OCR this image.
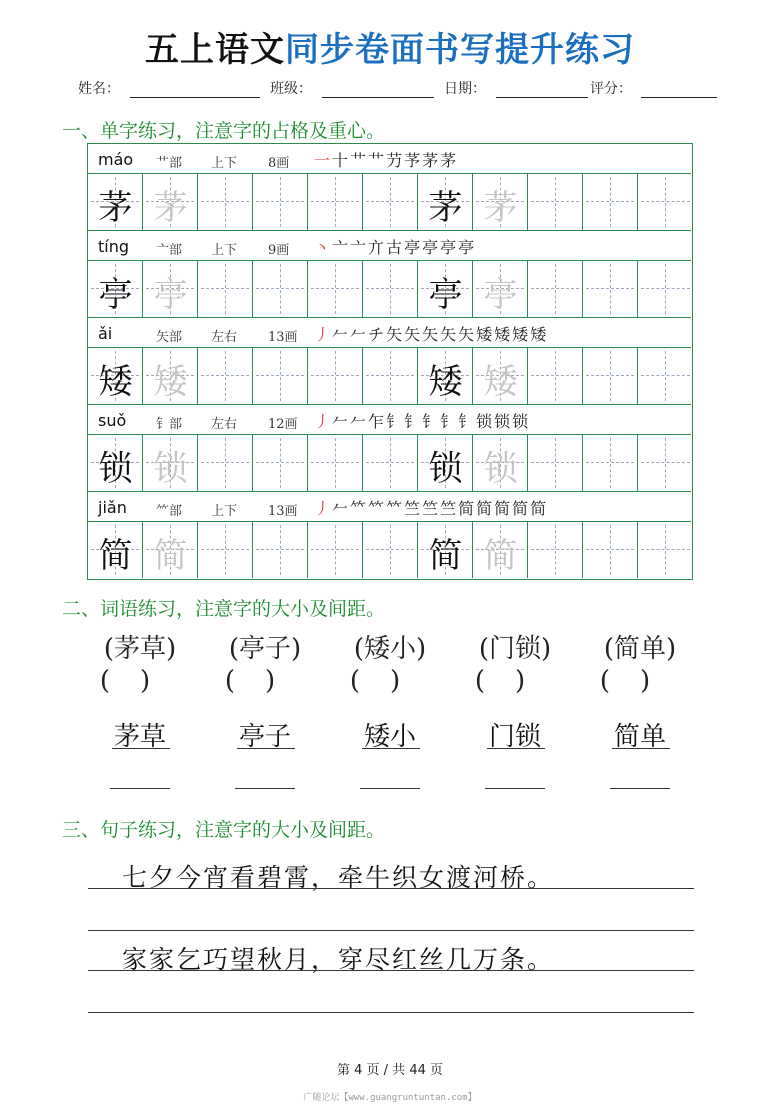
五上语文同步卷面书写提升练习
姓名：	班级：	日期：	评分：
一、单字练习，注意字的占格及重心。
máo 艹部 上下 8画 一 十 艹 艹 芀 芧 茅 茅
茅 茅	茅 茅
tíng 亠部 上下 9画 丶 亠 亠 亣 古 亭 亭 亭 亭
亭 亭	亭 亭
ǎi	矢部 左右 13画 丿 𠂉 𠂉 チ 矢 矢 矢 矢 矢 矮 矮 矮 矮
矮 矮	矮 矮
suǒ 钅部 左右 12画 丿 𠂉 𠂉 乍 钅 钅 钅 钅 钅 锁 锁 锁
锁 锁	锁 锁
jiǎn ⺮部 上下 13画 丿 𠂉 𥫗 𥫗 𥫗 竺 竺 竺 简 简 简 简 简
简 简	简 简
二、词语练习，注意字的大小及间距。
(茅草)
()
茅草
(亭子)
()
亭子
(矮小)
()
矮小
(门锁)
()
门锁
(简单)
()
简单
三、句子练习，注意字的大小及间距。
七夕今宵看碧霄，牵牛织女渡河桥。
家家乞巧望秋月，穿尽红丝几万条。
第 4 页 / 共 44 页
广随论坛【www.guangruntuntan.com】
